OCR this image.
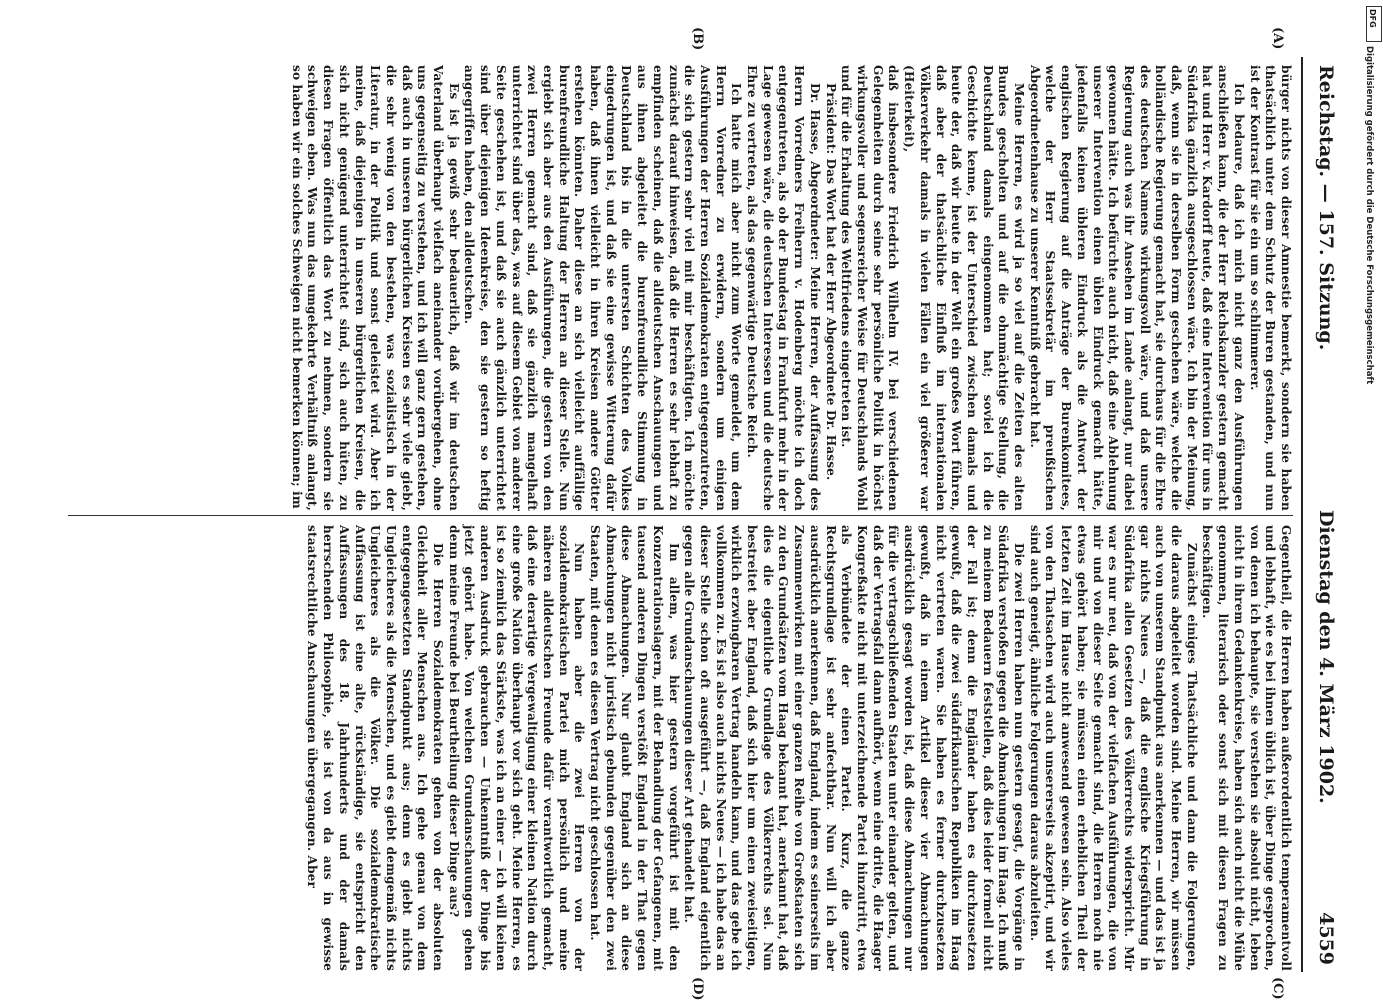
Reichstag. — 157. Sitzung.
Dienstag den 4. März 1902.
4559
(A)
(B)
(C)
(D)

bürger nichts von dieser Amnestie bemerkt, sondern sie haben thatsächlich unter dem Schutz der Buren gestanden, und nun ist der Kontrast für sie ein um so schlimmerer.

Ich bedaure, daß ich mich nicht ganz den Ausführungen anschließen kann, die der Herr Reichskanzler gestern gemacht hat und Herr v. Kardorff heute, daß eine Intervention für uns in Südafrika gänzlich ausgeschlossen wäre. Ich bin der Meinung, daß, wenn sie in derselben Form geschehen wäre, welche die holländische Regierung gemacht hat, sie durchaus für die Ehre des deutschen Namens wirkungsvoll wäre, und daß unsere Regierung auch was ihr Ansehen im Lande anlangt, nur dabei gewonnen hätte. Ich befürchte auch nicht, daß eine Ablehnung unserer Intervention einen üblen Eindruck gemacht hätte, jedenfalls keinen übleren Eindruck als die Antwort der englischen Regierung auf die Anträge der Burenkomitees, welche der Herr Staatssekretär im preußischen Abgeordnetenhause zu unserer Kenntniß gebracht hat.

Meine Herren, es wird ja so viel auf die Zeiten des alten Bundes gescholten und auf die ohnmächtige Stellung, die Deutschland damals eingenommen hat; soviel ich die Geschichte kenne, ist der Unterschied zwischen damals und heute der, daß wir heute in der Welt ein großes Wort führen, daß aber der thatsächliche Einfluß im internationalen Völkerverkehr damals in vielen Fällen ein viel größerer war (Heiterkeit),

daß insbesondere Friedrich Wilhelm IV. bei verschiedenen Gelegenheiten durch seine sehr persönliche Politik in höchst wirkungsvoller und segensreicher Weise für Deutschlands Wohl und für die Erhaltung des Weltfriedens eingetreten ist.

Präsident: Das Wort hat der Herr Abgeordnete Dr. Hasse.

Dr. Hasse, Abgeordneter: Meine Herren, der Auffassung des Herrn Vorredners Freiherrn v. Hodenberg möchte ich doch entgegentreten, als ob der Bundestag in Frankfurt mehr in der Lage gewesen wäre, die deutschen Interessen und die deutsche Ehre zu vertreten, als das gegenwärtige Deutsche Reich.

Ich hatte mich aber nicht zum Worte gemeldet, um dem Herrn Vorredner zu erwidern, sondern um einigen Ausführungen der Herren Sozialdemokraten entgegenzutreten, die sich gestern sehr viel mit mir beschäftigten. Ich möchte zunächst darauf hinweisen, daß die Herren es sehr lebhaft zu empfinden scheinen, daß die alldeutschen Anschauungen und aus ihnen abgeleitet die burenfreundliche Stimmung in Deutschland bis in die untersten Schichten des Volkes eingedrungen ist, und daß sie eine gewisse Witterung dafür haben, daß ihnen vielleicht in ihren Kreisen andere Götter erstehen könnten. Daher diese an sich vielleicht auffällige burenfreundliche Haltung der Herren an dieser Stelle. Nun ergiebt sich aber aus den Ausführungen, die gestern von den zwei Herren gemacht sind, daß sie gänzlich mangelhaft unterrichtet sind über das, was auf diesem Gebiet von anderer Seite geschehen ist, und daß sie auch gänzlich unterrichtet sind über diejenigen Ideenkreise, den sie gestern so heftig angegriffen haben, den alldeutschen.

Es ist ja gewiß sehr bedauerlich, daß wir im deutschen Vaterland überhaupt vielfach aneinander vorübergehen, ohne uns gegenseitig zu verstehen, und ich will ganz gern gestehen, daß auch in unseren bürgerlichen Kreisen es sehr viele giebt, die sehr wenig von den bestehen, was sozialistisch in der Literatur, in der Politik und sonst geleistet wird. Aber ich meine, daß diejenigen in unseren bürgerlichen Kreisen, die sich nicht genügend unterrichtet sind, sich auch hüten, zu diesen Fragen öffentlich das Wort zu nehmen, sondern sie schweigen eben. Was nun das umgekehrte Verhältniß anlangt, so haben wir ein solches Schweigen nicht bemerken können; im

Gegentheil, die Herren haben außerordentlich temperamentvoll und lebhaft, wie es bei ihnen üblich ist, über Dinge gesprochen, von denen ich behaupte, sie verstehen sie absolut nicht, leben nicht in ihrem Gedankenkreise, haben sich auch nicht die Mühe genommen, literarisch oder sonst sich mit diesen Fragen zu beschäftigen.

Zunächst einiges Thatsächliche und dann die Folgerungen, die daraus abgeleitet worden sind. Meine Herren, wir müssen auch von unserem Standpunkt aus anerkennen — und das ist ja gar nichts Neues —, daß die englische Kriegsführung in Südafrika allen Gesetzen des Völkerrechts widerspricht. Mir war es nur neu, daß von der vielfachen Ausführungen, die von mir und von dieser Seite gemacht sind, die Herren noch nie etwas gehört haben; sie müssen einen erheblichen Theil der letzten Zeit im Hause nicht anwesend gewesen sein. Also vieles von den Thatsachen wird auch unsererseits akzeptirt, und wir sind auch geneigt, ähnliche Folgerungen daraus abzuleiten.

Die zwei Herren haben nun gestern gesagt, die Vorgänge in Südafrika verstoßen gegen die Abmachungen im Haag. Ich muß zu meinem Bedauern feststellen, daß dies leider formell nicht der Fall ist; denn die Engländer haben es durchzusetzen gewußt, daß die zwei südafrikanischen Republiken im Haag nicht vertreten waren. Sie haben es ferner durchzusetzen gewußt, daß in einem Artikel dieser vier Abmachungen ausdrücklich gesagt worden ist, daß diese Abmachungen nur für die vertragschließenden Staaten unter einander gelten, und daß der Vertragsfall dann aufhört, wenn eine dritte, die Haager Kongreßakte nicht mit unterzeichnende Partei hinzutritt, etwa als Verbündete der einen Partei. Kurz, die ganze Rechtsgrundlage ist sehr anfechtbar. Nun will ich aber ausdrücklich anerkennen, daß England, indem es seinerseits im Zusammenwirken mit einer ganzen Reihe von Großstaaten sich zu den Grundsätzen vom Haag bekannt hat, anerkannt hat, daß dies die eigentliche Grundlage des Völkerrechts sei. Nun bestreitet aber England, daß sich hier um einen zweiseitigen, wirklich erzwingbaren Vertrag handeln kann, und das gebe ich vollkommen zu. Es ist also auch nichts Neues — ich habe das an dieser Stelle schon oft ausgeführt —, daß England eigentlich gegen alle Grundanschauungen dieser Art gehandelt hat.

Im allem, was hier gestern vorgeführt ist mit den Konzentrationslagern, mit der Behandlung der Gefangenen, mit tausend anderen Dingen verstößt England in der That gegen diese Abmachungen. Nur glaubt England sich an diese Abmachungen nicht juristisch gebunden gegenüber den zwei Staaten, mit denen es diesen Vertrag nicht geschlossen hat.

Nun haben aber die zwei Herren von der sozialdemokratischen Partei mich persönlich und meine näheren alldeutschen Freunde dafür verantwortlich gemacht, daß eine derartige Vergewaltigung einer kleinen Nation durch eine große Nation überhaupt vor sich geht. Meine Herren, es ist so ziemlich das Stärkste, was ich an einer — ich will keinen anderen Ausdruck gebrauchen — Unkenntniß der Dinge bis jetzt gehört habe. Von welchen Grundanschauungen gehen denn meine Freunde bei Beurtheilung dieser Dinge aus?

Die Herren Sozialdemokraten gehen von der absoluten Gleichheit aller Menschen aus. Ich gehe genau von dem entgegengesetzten Standpunkt aus; denn es giebt nichts Ungleicheres als die Menschen, und es giebt demgemäß nichts Ungleicheres als die Völker. Die sozialdemokratische Auffassung ist eine alte, rückständige, sie entspricht den Auffassungen des 18. Jahrhunderts und der damals herrschenden Philosophie, sie ist von da aus in gewisse staatsrechtliche Anschauungen übergegangen. Aber

DFG
Digitalisierung gefördert durch die Deutsche Forschungsgemeinschaft
